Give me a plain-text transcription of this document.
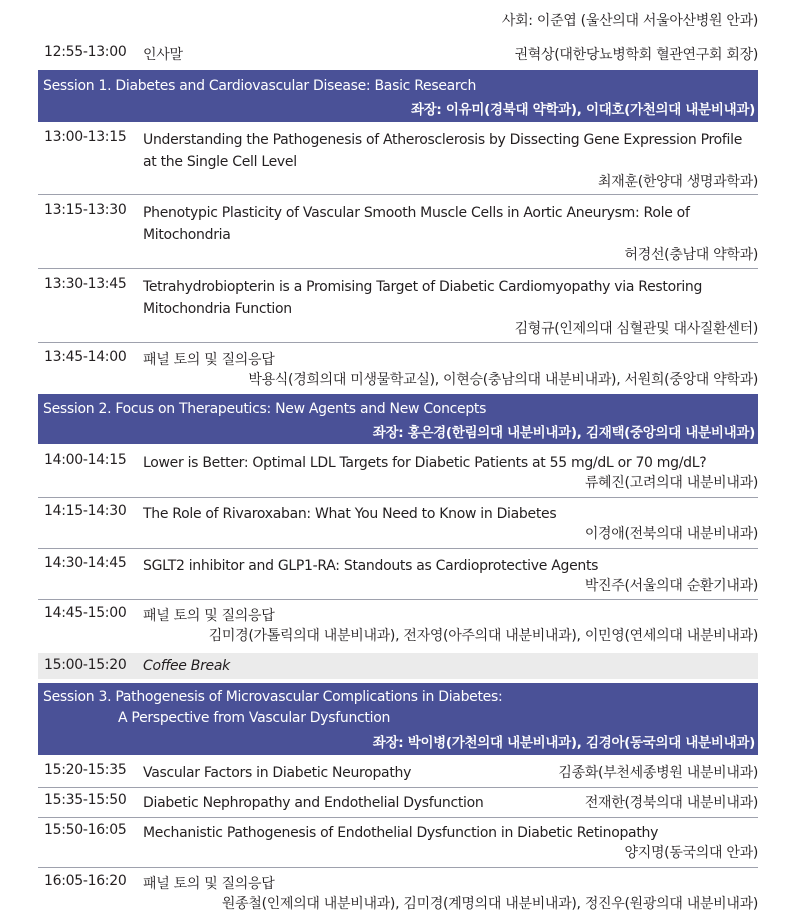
사회: 이준엽 (울산의대 서울아산병원 안과)
12:55-13:00 인사말	권혁상(대한당뇨병학회 혈관연구회 회장)
Session 1. Diabetes and Cardiovascular Disease: Basic Research
좌장: 이유미(경북대 약학과), 이대호(가천의대 내분비내과)
13:00-13:15 Understanding the Pathogenesis of Atherosclerosis by Dissecting Gene Expression Profile at the Single Cell Level
최재훈(한양대 생명과학과)
13:15-13:30 Phenotypic Plasticity of Vascular Smooth Muscle Cells in Aortic Aneurysm: Role of Mitochondria
허경선(충남대 약학과)
13:30-13:45 Tetrahydrobiopterin is a Promising Target of Diabetic Cardiomyopathy via Restoring Mitochondria Function
김형규(인제의대 심혈관및 대사질환센터)
13:45-14:00 패널 토의 및 질의응답
박용식(경희의대 미생물학교실), 이현승(충남의대 내분비내과), 서원희(중앙대 약학과)
Session 2. Focus on Therapeutics: New Agents and New Concepts
좌장: 홍은경(한림의대 내분비내과), 김재택(중앙의대 내분비내과)
14:00-14:15 Lower is Better: Optimal LDL Targets for Diabetic Patients at 55 mg/dL or 70 mg/dL?
류혜진(고려의대 내분비내과)
14:15-14:30 The Role of Rivaroxaban: What You Need to Know in Diabetes
이경애(전북의대 내분비내과)
14:30-14:45 SGLT2 inhibitor and GLP1-RA: Standouts as Cardioprotective Agents
박진주(서울의대 순환기내과)
14:45-15:00 패널 토의 및 질의응답
김미경(가톨릭의대 내분비내과), 전자영(아주의대 내분비내과), 이민영(연세의대 내분비내과)
15:00-15:20 Coffee Break
Session 3. Pathogenesis of Microvascular Complications in Diabetes:
A Perspective from Vascular Dysfunction
좌장: 박이병(가천의대 내분비내과), 김경아(동국의대 내분비내과)
15:20-15:35 Vascular Factors in Diabetic Neuropathy	김종화(부천세종병원 내분비내과)
15:35-15:50 Diabetic Nephropathy and Endothelial Dysfunction	전재한(경북의대 내분비내과)
15:50-16:05 Mechanistic Pathogenesis of Endothelial Dysfunction in Diabetic Retinopathy
양지명(동국의대 안과)
16:05-16:20 패널 토의 및 질의응답
원종철(인제의대 내분비내과), 김미경(계명의대 내분비내과), 정진우(원광의대 내분비내과)
